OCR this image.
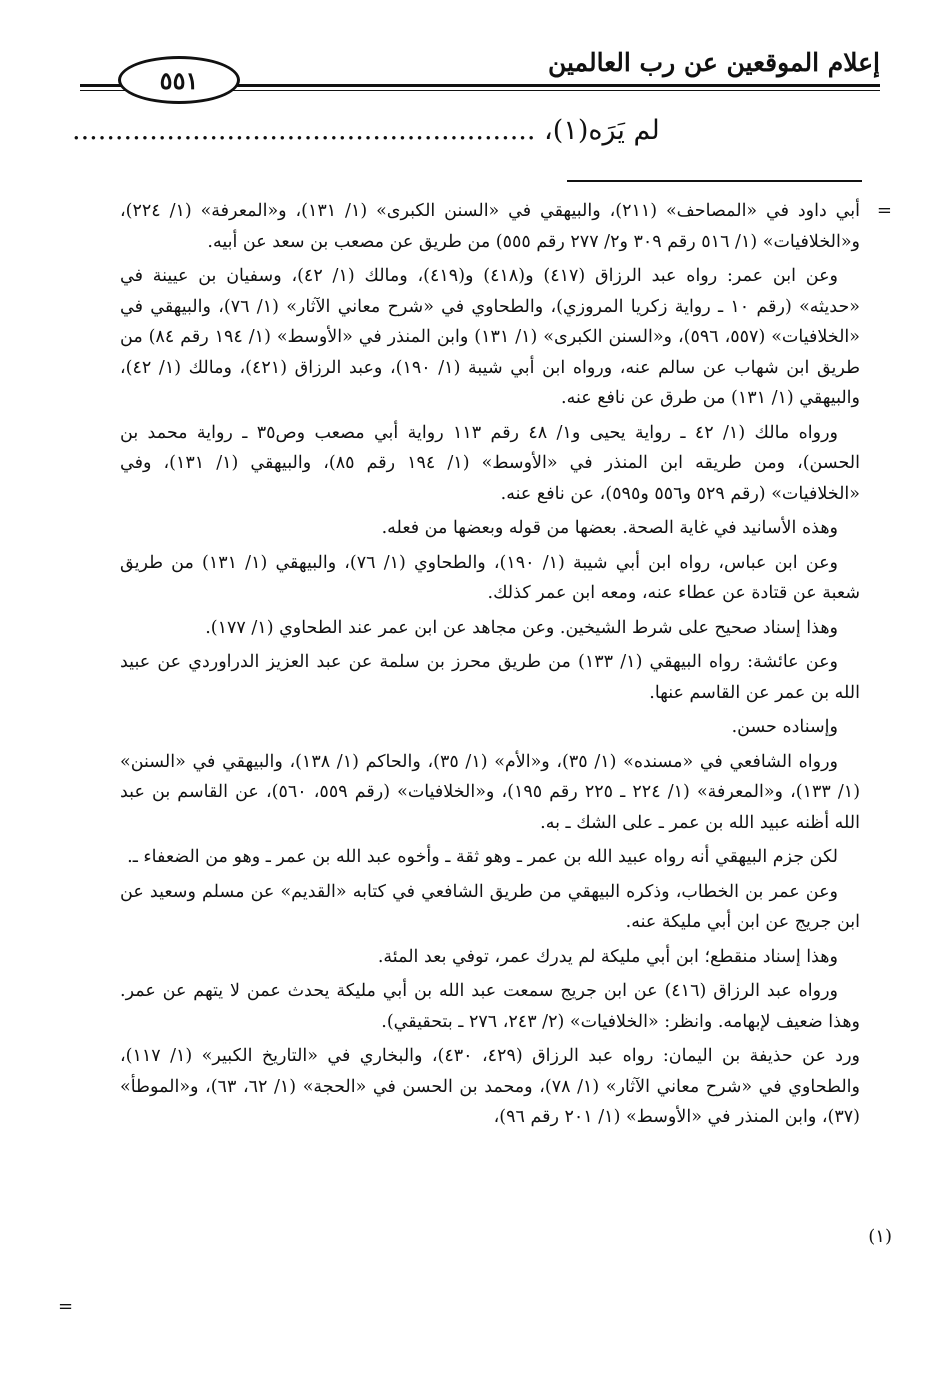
إعلام الموقعين عن رب العالمين
٥٥١
لم يَرَه(١)، ......................................................
=
(١)
=

أبي داود في «المصاحف» (٢١١)، والبيهقي في «السنن الكبرى» (١/ ١٣١)، و«المعرفة» (١/ ٢٢٤)، و«الخلافيات» (١/ ٥١٦ رقم ٣٠٩ و٢/ ٢٧٧ رقم ٥٥٥) من طريق عن مصعب بن سعد عن أبيه.

وعن ابن عمر: رواه عبد الرزاق (٤١٧) و(٤١٨) و(٤١٩)، ومالك (١/ ٤٢)، وسفيان بن عيينة في «حديثه» (رقم ١٠ ـ رواية زكريا المروزي)، والطحاوي في «شرح معاني الآثار» (١/ ٧٦)، والبيهقي في «الخلافيات» (٥٥٧، ٥٩٦)، و«السنن الكبرى» (١/ ١٣١) وابن المنذر في «الأوسط» (١/ ١٩٤ رقم ٨٤) من طريق ابن شهاب عن سالم عنه، ورواه ابن أبي شيبة (١/ ١٩٠)، وعبد الرزاق (٤٢١)، ومالك (١/ ٤٢)، والبيهقي (١/ ١٣١) من طرق عن نافع عنه.

ورواه مالك (١/ ٤٢ ـ رواية يحيى و١/ ٤٨ رقم ١١٣ رواية أبي مصعب وص٣٥ ـ رواية محمد بن الحسن)، ومن طريقه ابن المنذر في «الأوسط» (١/ ١٩٤ رقم ٨٥)، والبيهقي (١/ ١٣١)، وفي «الخلافيات» (رقم ٥٢٩ و٥٥٦ و٥٩٥)، عن نافع عنه.

وهذه الأسانيد في غاية الصحة. بعضها من قوله وبعضها من فعله.

وعن ابن عباس، رواه ابن أبي شيبة (١/ ١٩٠)، والطحاوي (١/ ٧٦)، والبيهقي (١/ ١٣١) من طريق شعبة عن قتادة عن عطاء عنه، ومعه ابن عمر كذلك.

وهذا إسناد صحيح على شرط الشيخين. وعن مجاهد عن ابن عمر عند الطحاوي (١/ ١٧٧).

وعن عائشة: رواه البيهقي (١/ ١٣٣) من طريق محرز بن سلمة عن عبد العزيز الدراوردي عن عبيد الله بن عمر عن القاسم عنها.

وإسناده حسن.

ورواه الشافعي في «مسنده» (١/ ٣٥)، و«الأم» (١/ ٣٥)، والحاكم (١/ ١٣٨)، والبيهقي في «السنن» (١/ ١٣٣)، و«المعرفة» (١/ ٢٢٤ ـ ٢٢٥ رقم ١٩٥)، و«الخلافيات» (رقم ٥٥٩، ٥٦٠)، عن القاسم بن عبد الله أظنه عبيد الله بن عمر ـ على الشك ـ به.

لكن جزم البيهقي أنه رواه عبيد الله بن عمر ـ وهو ثقة ـ وأخوه عبد الله بن عمر ـ وهو من الضعفاء ـ.

وعن عمر بن الخطاب، وذكره البيهقي من طريق الشافعي في كتابه «القديم» عن مسلم وسعيد عن ابن جريج عن ابن أبي مليكة عنه.

وهذا إسناد منقطع؛ ابن أبي مليكة لم يدرك عمر، توفي بعد المئة.

ورواه عبد الرزاق (٤١٦) عن ابن جريج سمعت عبد الله بن أبي مليكة يحدث عمن لا يتهم عن عمر. وهذا ضعيف لإبهامه. وانظر: «الخلافيات» (٢/ ٢٤٣، ٢٧٦ ـ بتحقيقي).

ورد عن حذيفة بن اليمان: رواه عبد الرزاق (٤٢٩، ٤٣٠)، والبخاري في «التاريخ الكبير» (١/ ١١٧)، والطحاوي في «شرح معاني الآثار» (١/ ٧٨)، ومحمد بن الحسن في «الحجة» (١/ ٦٢، ٦٣)، و«الموطأ» (٣٧)، وابن المنذر في «الأوسط» (١/ ٢٠١ رقم ٩٦)،
